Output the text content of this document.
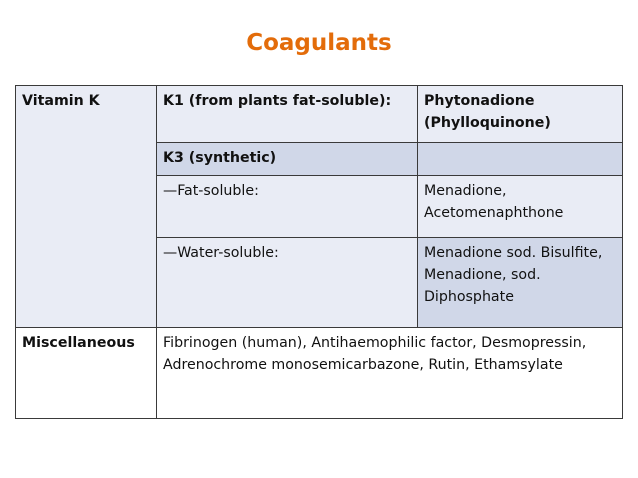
Coagulants
Vitamin K	K1 (from plants fat-soluble):	Phytonadione (Phylloquinone)
	K3 (synthetic)	
	—Fat-soluble:	Menadione, Acetomenaphthone
	—Water-soluble:	Menadione sod. Bisulfite, Menadione, sod. Diphosphate
Miscellaneous	Fibrinogen (human), Antihaemophilic factor, Desmopressin, Adrenochrome monosemicarbazone, Rutin, Ethamsylate	
